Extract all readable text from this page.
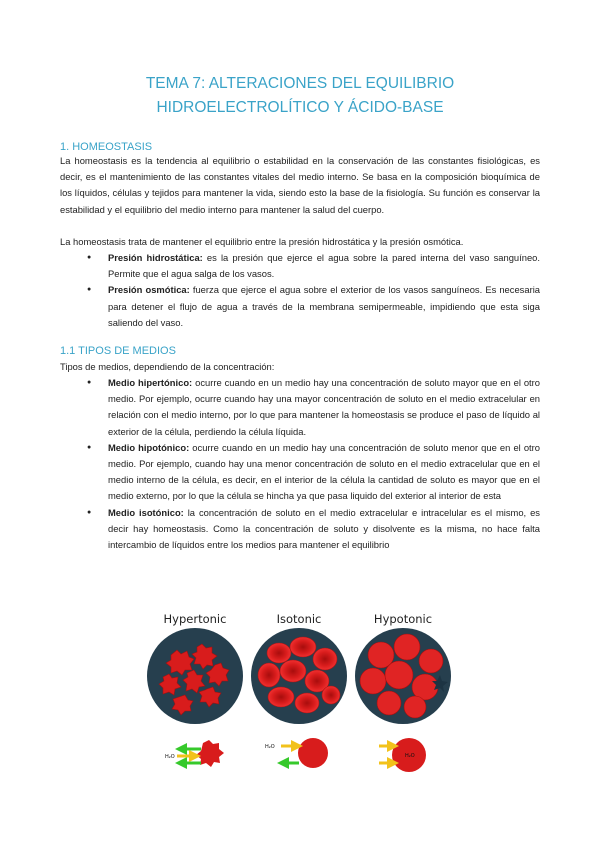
TEMA 7: ALTERACIONES DEL EQUILIBRIO HIDROELECTROLÍTICO Y ÁCIDO-BASE
1. HOMEOSTASIS
La homeostasis es la tendencia al equilibrio o estabilidad en la conservación de las constantes fisiológicas, es decir, es el mantenimiento de las constantes vitales del medio interno. Se basa en la composición bioquímica de los líquidos, células y tejidos para mantener la vida, siendo esto la base de la fisiología. Su función es conservar la estabilidad y el equilibrio del medio interno para mantener la salud del cuerpo.
La homeostasis trata de mantener el equilibrio entre la presión hidrostática y la presión osmótica.
● Presión hidrostática: es la presión que ejerce el agua sobre la pared interna del vaso sanguíneo. Permite que el agua salga de los vasos.
● Presión osmótica: fuerza que ejerce el agua sobre el exterior de los vasos sanguíneos. Es necesaria para detener el flujo de agua a través de la membrana semipermeable, impidiendo que esta siga saliendo del vaso.
1.1 TIPOS DE MEDIOS
Tipos de medios, dependiendo de la concentración:
● Medio hipertónico: ocurre cuando en un medio hay una concentración de soluto mayor que en el otro medio. Por ejemplo, ocurre cuando hay una mayor concentración de soluto en el medio extracelular en relación con el medio interno, por lo que para mantener la homeostasis se produce el paso de líquido al exterior de la célula, perdiendo la célula líquida.
● Medio hipotónico: ocurre cuando en un medio hay una concentración de soluto menor que en el otro medio. Por ejemplo, cuando hay una menor concentración de soluto en el medio extracelular que en el medio interno de la célula, es decir, en el interior de la célula la cantidad de soluto es mayor que en el medio externo, por lo que la célula se hincha ya que pasa liquido del exterior al interior de esta
● Medio isotónico: la concentración de soluto en el medio extracelular e intracelular es el mismo, es decir hay homeostasis. Como la concentración de soluto y disolvente es la misma, no hace falta intercambio de líquidos entre los medios para mantener el equilibrio
Hypertonic	Isotonic	Hypotonic
H₂O
H₂O
H₂O
